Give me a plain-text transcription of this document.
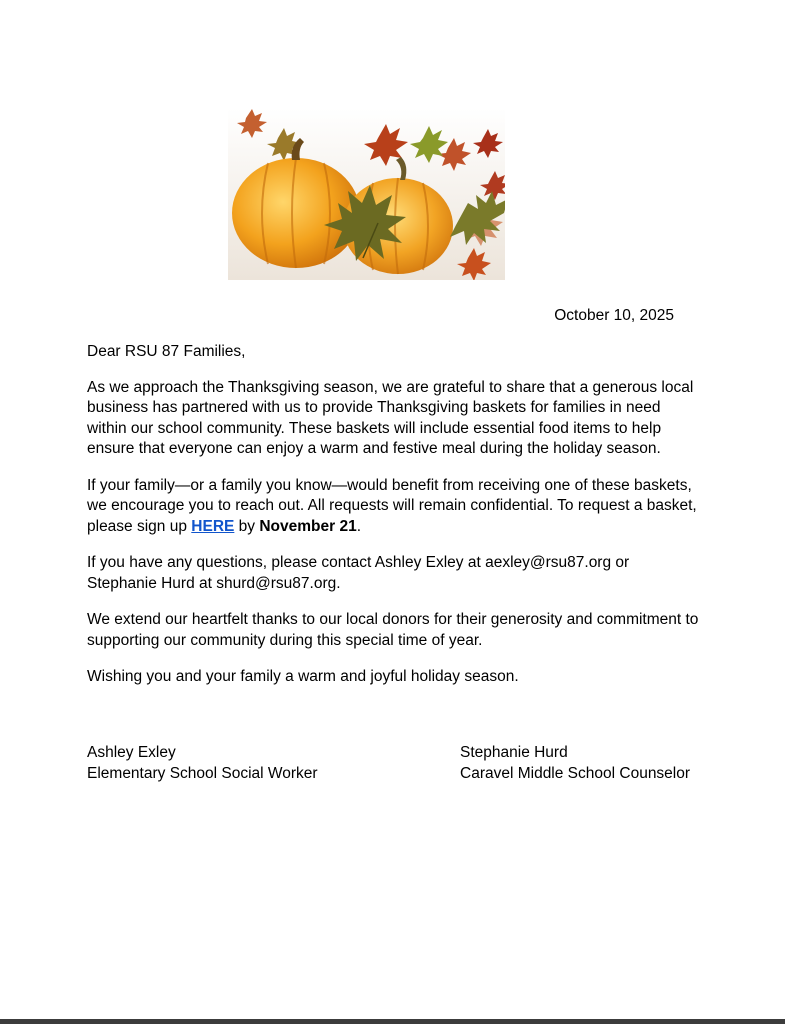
October 10, 2025

Dear RSU 87 Families,

As we approach the Thanksgiving season, we are grateful to share that a generous local business has partnered with us to provide Thanksgiving baskets for families in need within our school community. These baskets will include essential food items to help ensure that everyone can enjoy a warm and festive meal during the holiday season.

If your family—or a family you know—would benefit from receiving one of these baskets, we encourage you to reach out. All requests will remain confidential. To request a basket, please sign up HERE by November 21.

If you have any questions, please contact Ashley Exley at aexley@rsu87.org or Stephanie Hurd at shurd@rsu87.org.

We extend our heartfelt thanks to our local donors for their generosity and commitment to supporting our community during this special time of year.

Wishing you and your family a warm and joyful holiday season.

Ashley Exley
Elementary School Social Worker
Stephanie Hurd
Caravel Middle School Counselor
